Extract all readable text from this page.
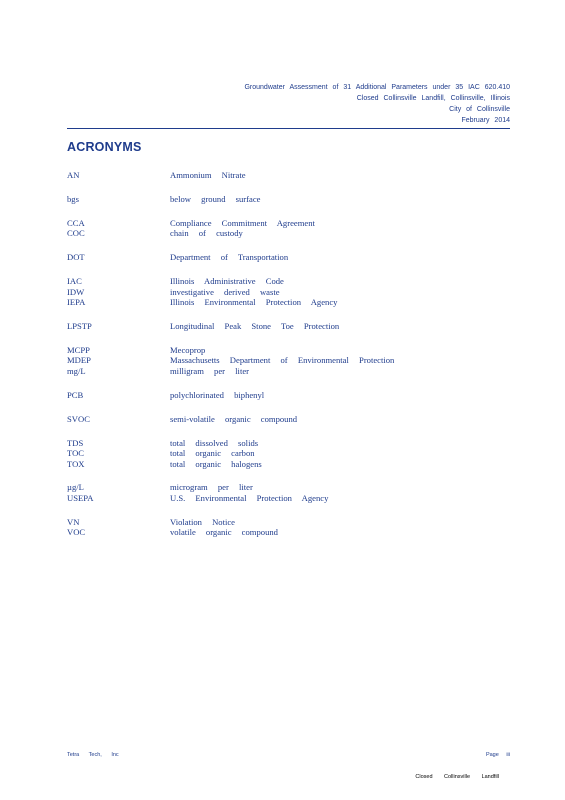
Groundwater Assessment of 31 Additional Parameters under 35 IAC 620.410
Closed Collinsville Landfill, Collinsville, Illinois
City of Collinsville
February 2014
ACRONYMS
AN	Ammonium Nitrate
bgs	below ground surface
CCA	Compliance Commitment Agreement
COC	chain of custody
DOT	Department of Transportation
IAC	Illinois Administrative Code
IDW	investigative derived waste
IEPA	Illinois Environmental Protection Agency
LPSTP	Longitudinal Peak Stone Toe Protection
MCPP	Mecoprop
MDEP	Massachusetts Department of Environmental Protection
mg/L	milligram per liter
PCB	polychlorinated biphenyl
SVOC	semi-volatile organic compound
TDS	total dissolved solids
TOC	total organic carbon
TOX	total organic halogens
µg/L	microgram per liter
USEPA	U.S. Environmental Protection Agency
VN	Violation Notice
VOC	volatile organic compound
Tetra Tech, Inc	Page iii
Closed Collinsville Landfill
